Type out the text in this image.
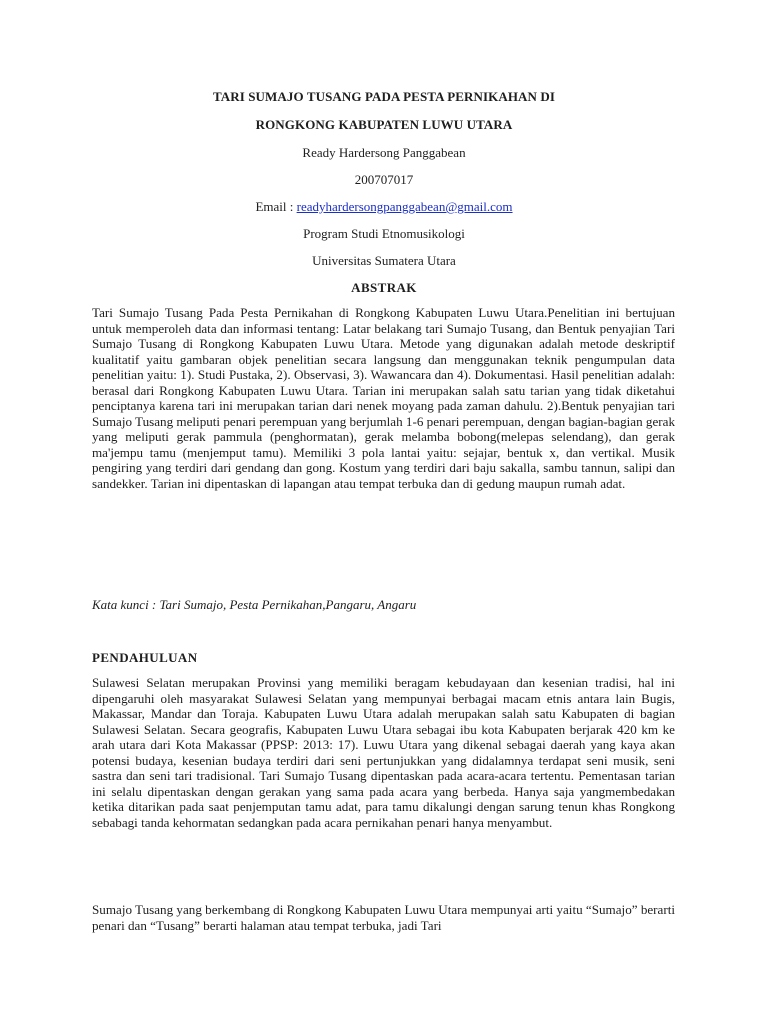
TARI SUMAJO TUSANG PADA PESTA PERNIKAHAN DI
RONGKONG KABUPATEN LUWU UTARA
Ready Hardersong Panggabean
200707017
Email : readyhardersongpanggabean@gmail.com
Program Studi Etnomusikologi
Universitas Sumatera Utara
ABSTRAK
Tari Sumajo Tusang Pada Pesta Pernikahan di Rongkong Kabupaten Luwu Utara.Penelitian ini bertujuan untuk memperoleh data dan informasi tentang: Latar belakang tari Sumajo Tusang, dan Bentuk penyajian Tari Sumajo Tusang di Rongkong Kabupaten Luwu Utara. Metode yang digunakan adalah metode deskriptif kualitatif yaitu gambaran objek penelitian secara langsung dan menggunakan teknik pengumpulan data penelitian yaitu: 1). Studi Pustaka, 2). Observasi, 3). Wawancara dan 4). Dokumentasi. Hasil penelitian adalah: berasal dari Rongkong Kabupaten Luwu Utara. Tarian ini merupakan salah satu tarian yang tidak diketahui penciptanya karena tari ini merupakan tarian dari nenek moyang pada zaman dahulu. 2).Bentuk penyajian tari Sumajo Tusang meliputi penari perempuan yang berjumlah 1-6 penari perempuan, dengan bagian-bagian gerak yang meliputi gerak pammula (penghormatan), gerak melamba bobong(melepas selendang), dan gerak ma'jempu tamu (menjemput tamu). Memiliki 3 pola lantai yaitu: sejajar, bentuk x, dan vertikal. Musik pengiring yang terdiri dari gendang dan gong. Kostum yang terdiri dari baju sakalla, sambu tannun, salipi dan sandekker. Tarian ini dipentaskan di lapangan atau tempat terbuka dan di gedung maupun rumah adat.
Kata kunci : Tari Sumajo, Pesta Pernikahan,Pangaru, Angaru
PENDAHULUAN
Sulawesi Selatan merupakan Provinsi yang memiliki beragam kebudayaan dan kesenian tradisi, hal ini dipengaruhi oleh masyarakat Sulawesi Selatan yang mempunyai berbagai macam etnis antara lain Bugis, Makassar, Mandar dan Toraja. Kabupaten Luwu Utara adalah merupakan salah satu Kabupaten di bagian Sulawesi Selatan. Secara geografis, Kabupaten Luwu Utara sebagai ibu kota Kabupaten berjarak 420 km ke arah utara dari Kota Makassar (PPSP: 2013: 17). Luwu Utara yang dikenal sebagai daerah yang kaya akan potensi budaya, kesenian budaya terdiri dari seni pertunjukkan yang didalamnya terdapat seni musik, seni sastra dan seni tari tradisional. Tari Sumajo Tusang dipentaskan pada acara-acara tertentu. Pementasan tarian ini selalu dipentaskan dengan gerakan yang sama pada acara yang berbeda. Hanya saja yangmembedakan ketika ditarikan pada saat penjemputan tamu adat, para tamu dikalungi dengan sarung tenun khas Rongkong sebabagi tanda kehormatan sedangkan pada acara pernikahan penari hanya menyambut.
Sumajo Tusang yang berkembang di Rongkong Kabupaten Luwu Utara mempunyai arti yaitu “Sumajo” berarti penari dan “Tusang” berarti halaman atau tempat terbuka, jadi Tari
